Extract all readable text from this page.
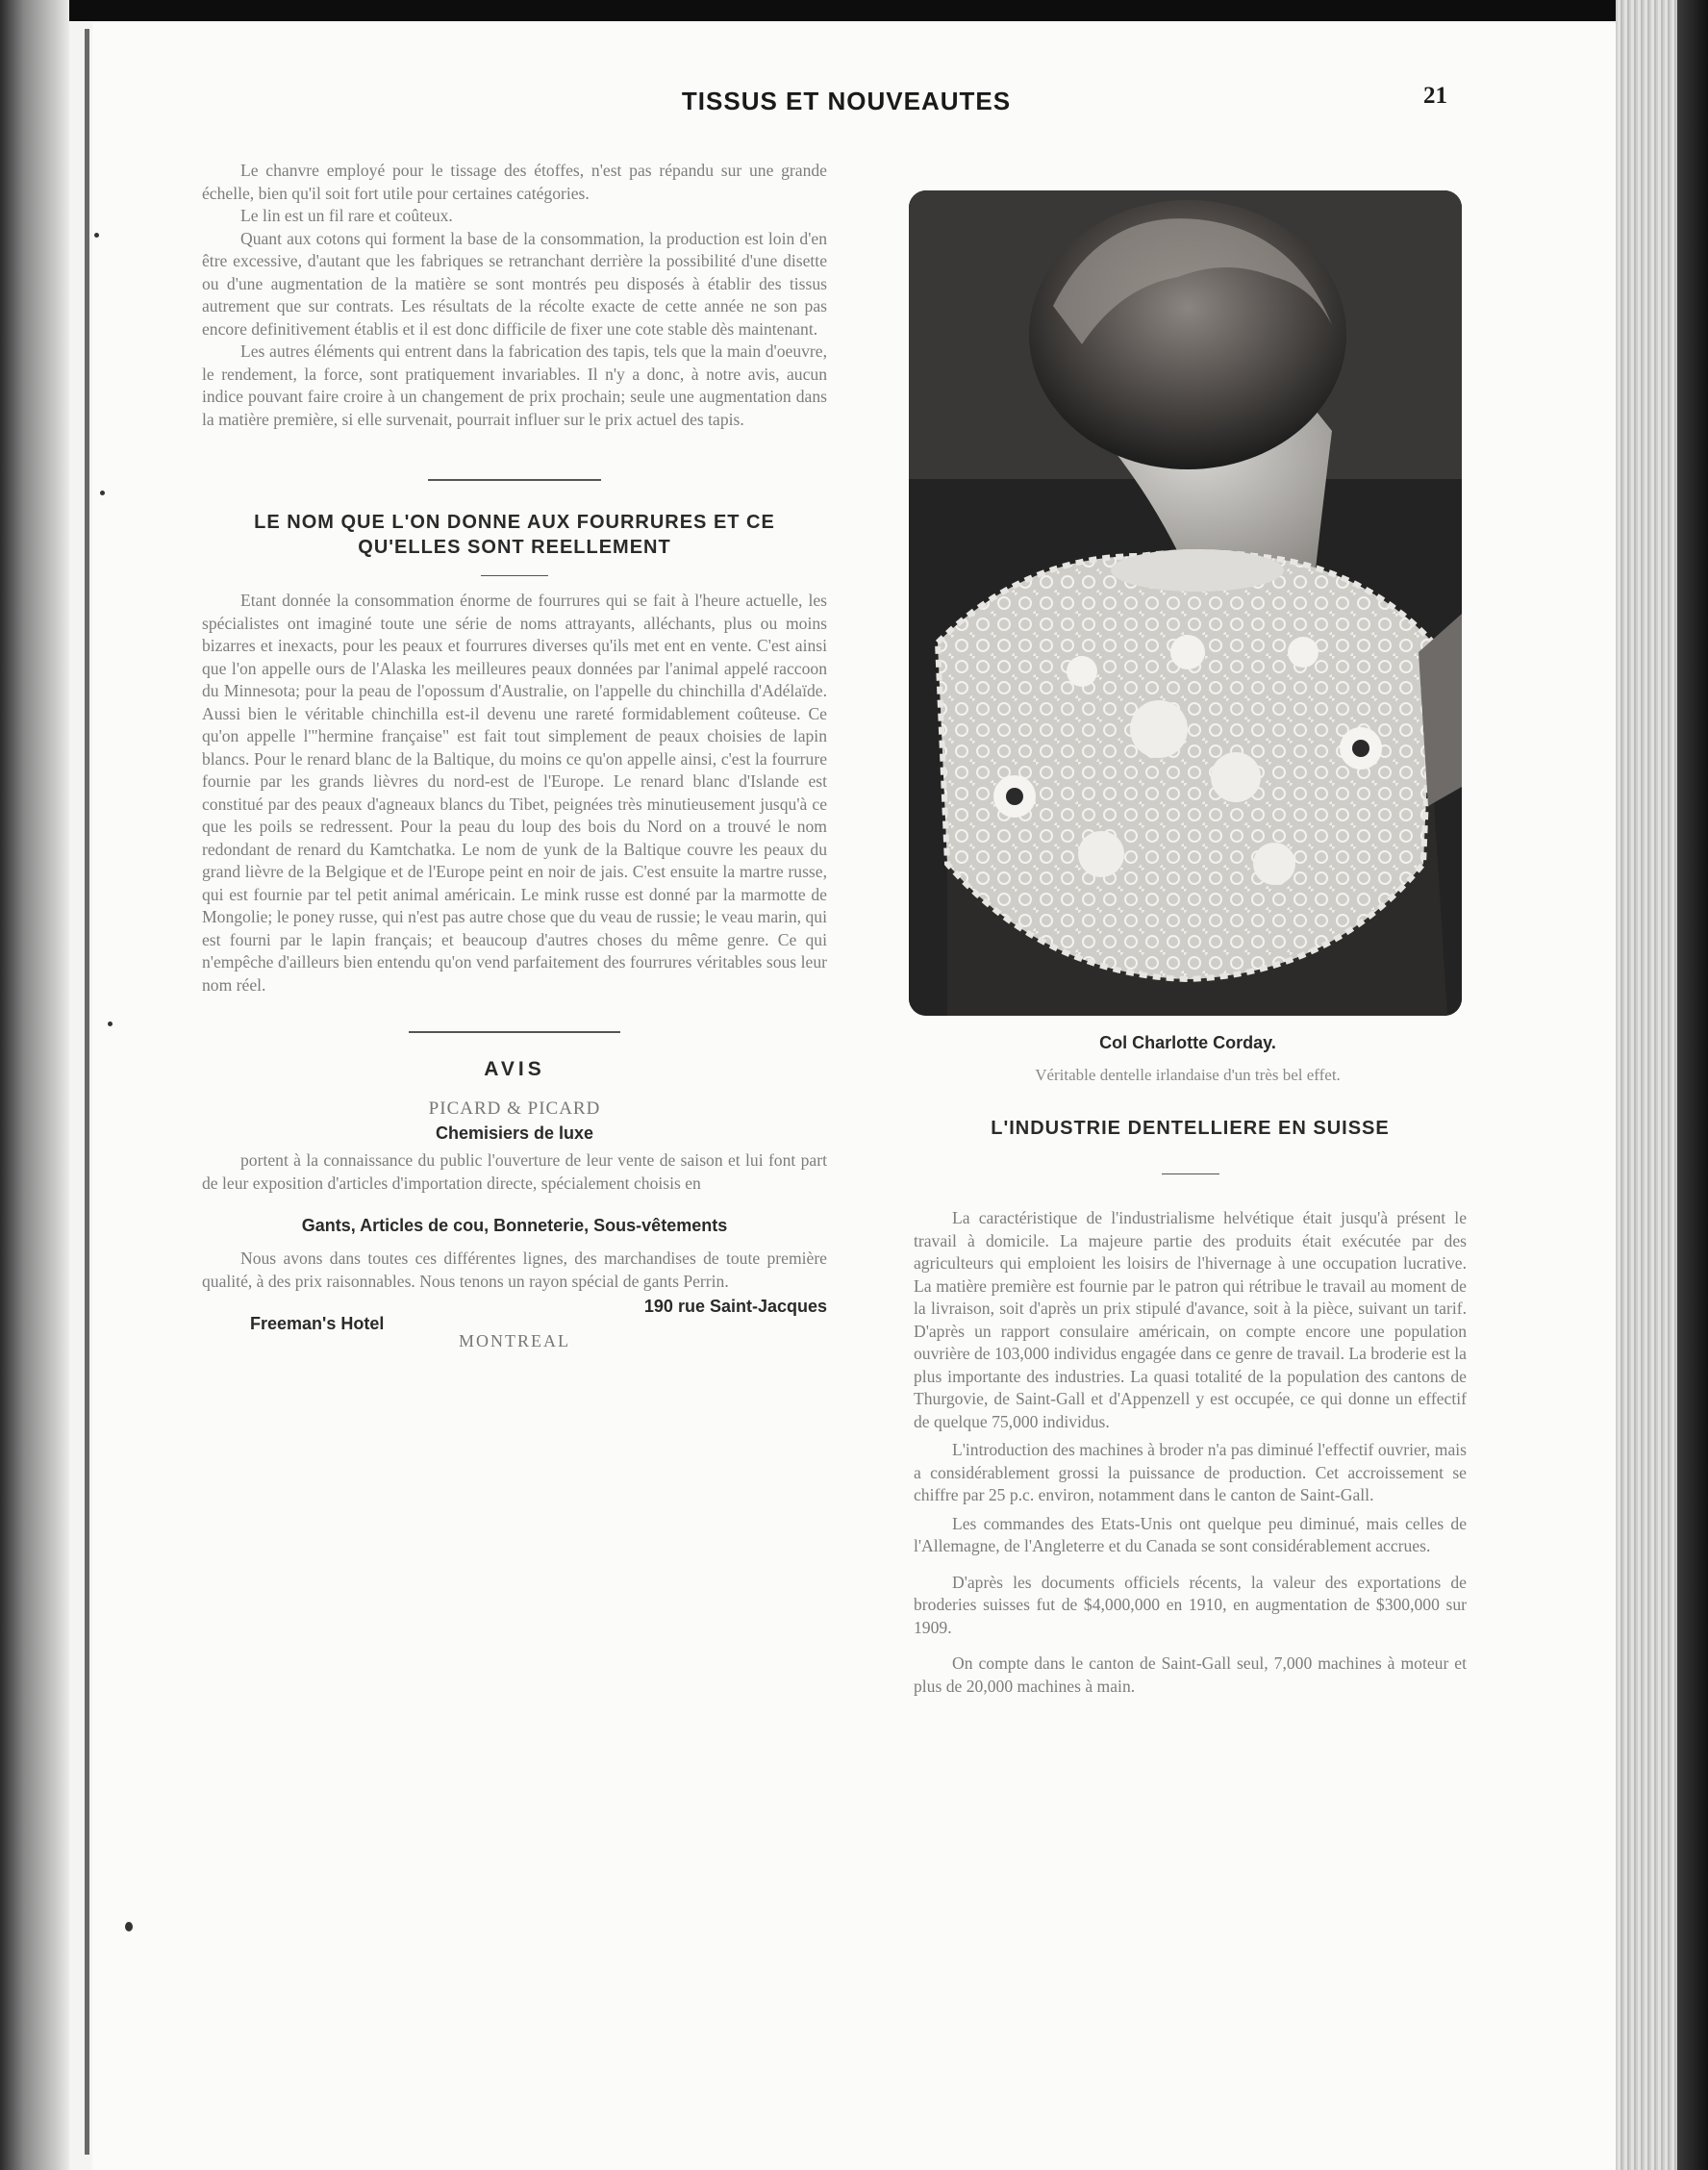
TISSUS ET NOUVEAUTES	21

Le chanvre employé pour le tissage des étoffes, n'est pas répandu sur une grande échelle, bien qu'il soit fort utile pour certaines catégories.

Le lin est un fil rare et coûteux.

Quant aux cotons qui forment la base de la consommation, la production est loin d'en être excessive, d'autant que les fabriques se retranchant derrière la possibilité d'une disette ou d'une augmentation de la matière se sont montrés peu disposés à établir des tissus autrement que sur contrats. Les résultats de la récolte exacte de cette année ne son pas encore definitivement établis et il est donc difficile de fixer une cote stable dès maintenant.

Les autres éléments qui entrent dans la fabrication des tapis, tels que la main d'oeuvre, le rendement, la force, sont pratiquement invariables. Il n'y a donc, à notre avis, aucun indice pouvant faire croire à un changement de prix prochain; seule une augmentation dans la matière première, si elle survenait, pourrait influer sur le prix actuel des tapis.

LE NOM QUE L'ON DONNE AUX FOURRURES ET CE QU'ELLES SONT REELLEMENT

Etant donnée la consommation énorme de fourrures qui se fait à l'heure actuelle, les spécialistes ont imaginé toute une série de noms attrayants, alléchants, plus ou moins bizarres et inexacts, pour les peaux et fourrures diverses qu'ils met ent en vente. C'est ainsi que l'on appelle ours de l'Alaska les meilleures peaux données par l'animal appelé raccoon du Minnesota; pour la peau de l'opossum d'Australie, on l'appelle du chinchilla d'Adélaïde. Aussi bien le véritable chinchilla est-il devenu une rareté formidablement coûteuse. Ce qu'on appelle l'"hermine française" est fait tout simplement de peaux choisies de lapin blancs. Pour le renard blanc de la Baltique, du moins ce qu'on appelle ainsi, c'est la fourrure fournie par les grands lièvres du nord-est de l'Europe. Le renard blanc d'Islande est constitué par des peaux d'agneaux blancs du Tibet, peignées très minutieusement jusqu'à ce que les poils se redressent. Pour la peau du loup des bois du Nord on a trouvé le nom redondant de renard du Kamtchatka. Le nom de yunk de la Baltique couvre les peaux du grand lièvre de la Belgique et de l'Europe peint en noir de jais. C'est ensuite la martre russe, qui est fournie par tel petit animal américain. Le mink russe est donné par la marmotte de Mongolie; le poney russe, qui n'est pas autre chose que du veau de russie; le veau marin, qui est fourni par le lapin français; et beaucoup d'autres choses du même genre. Ce qui n'empêche d'ailleurs bien entendu qu'on vend parfaitement des fourrures véritables sous leur nom réel.

AVIS
PICARD & PICARD
Chemisiers de luxe

portent à la connaissance du public l'ouverture de leur vente de saison et lui font part de leur exposition d'articles d'importation directe, spécialement choisis en

Gants, Articles de cou, Bonneterie, Sous-vêtements

Nous avons dans toutes ces différentes lignes, des marchandises de toute première qualité, à des prix raisonnables. Nous tenons un rayon spécial de gants Perrin.

Freeman's Hotel
190 rue Saint-Jacques
MONTREAL
Col Charlotte Corday.
Véritable dentelle irlandaise d'un très bel effet.
L'INDUSTRIE DENTELLIERE EN SUISSE

La caractéristique de l'industrialisme helvétique était jusqu'à présent le travail à domicile. La majeure partie des produits était exécutée par des agriculteurs qui emploient les loisirs de l'hivernage à une occupation lucrative. La matière première est fournie par le patron qui rétribue le travail au moment de la livraison, soit d'après un prix stipulé d'avance, soit à la pièce, suivant un tarif. D'après un rapport consulaire américain, on compte encore une population ouvrière de 103,000 individus engagée dans ce genre de travail. La broderie est la plus importante des industries. La quasi totalité de la population des cantons de Thurgovie, de Saint-Gall et d'Appenzell y est occupée, ce qui donne un effectif de quelque 75,000 individus.

L'introduction des machines à broder n'a pas diminué l'effectif ouvrier, mais a considérablement grossi la puissance de production. Cet accroissement se chiffre par 25 p.c. environ, notamment dans le canton de Saint-Gall.

Les commandes des Etats-Unis ont quelque peu diminué, mais celles de l'Allemagne, de l'Angleterre et du Canada se sont considérablement accrues.

D'après les documents officiels récents, la valeur des exportations de broderies suisses fut de $4,000,000 en 1910, en augmentation de $300,000 sur 1909.

On compte dans le canton de Saint-Gall seul, 7,000 machines à moteur et plus de 20,000 machines à main.
